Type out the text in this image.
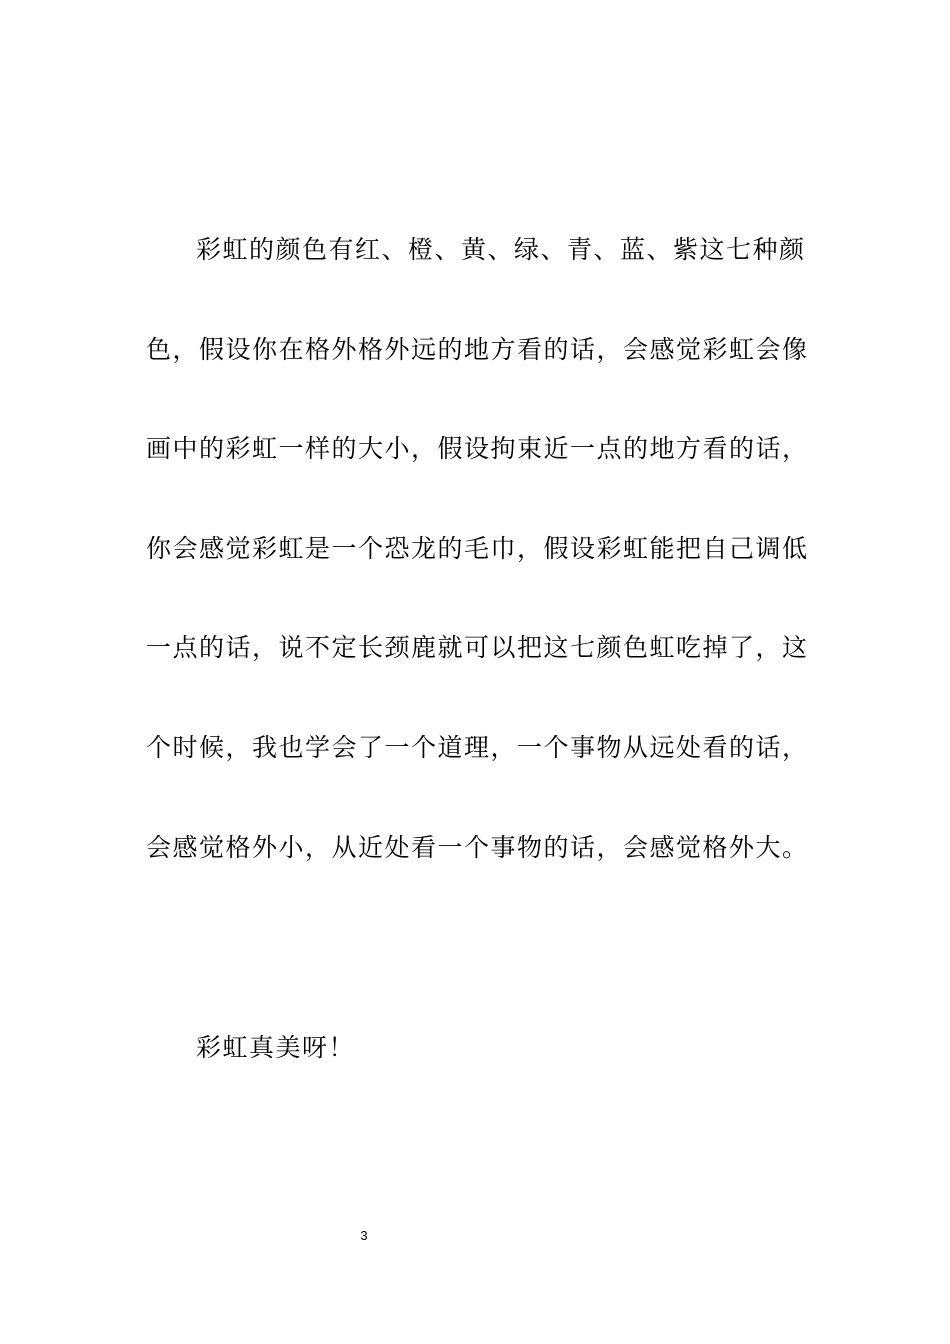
彩虹的颜色有红、橙、黄、绿、青、蓝、紫这七种颜
色，假设你在格外格外远的地方看的话，会感觉彩虹会像
画中的彩虹一样的大小，假设拘束近一点的地方看的话，
你会感觉彩虹是一个恐龙的毛巾，假设彩虹能把自己调低
一点的话，说不定长颈鹿就可以把这七颜色虹吃掉了，这
个时候，我也学会了一个道理，一个事物从远处看的话，
会感觉格外小，从近处看一个事物的话，会感觉格外大。
彩虹真美呀！
3
